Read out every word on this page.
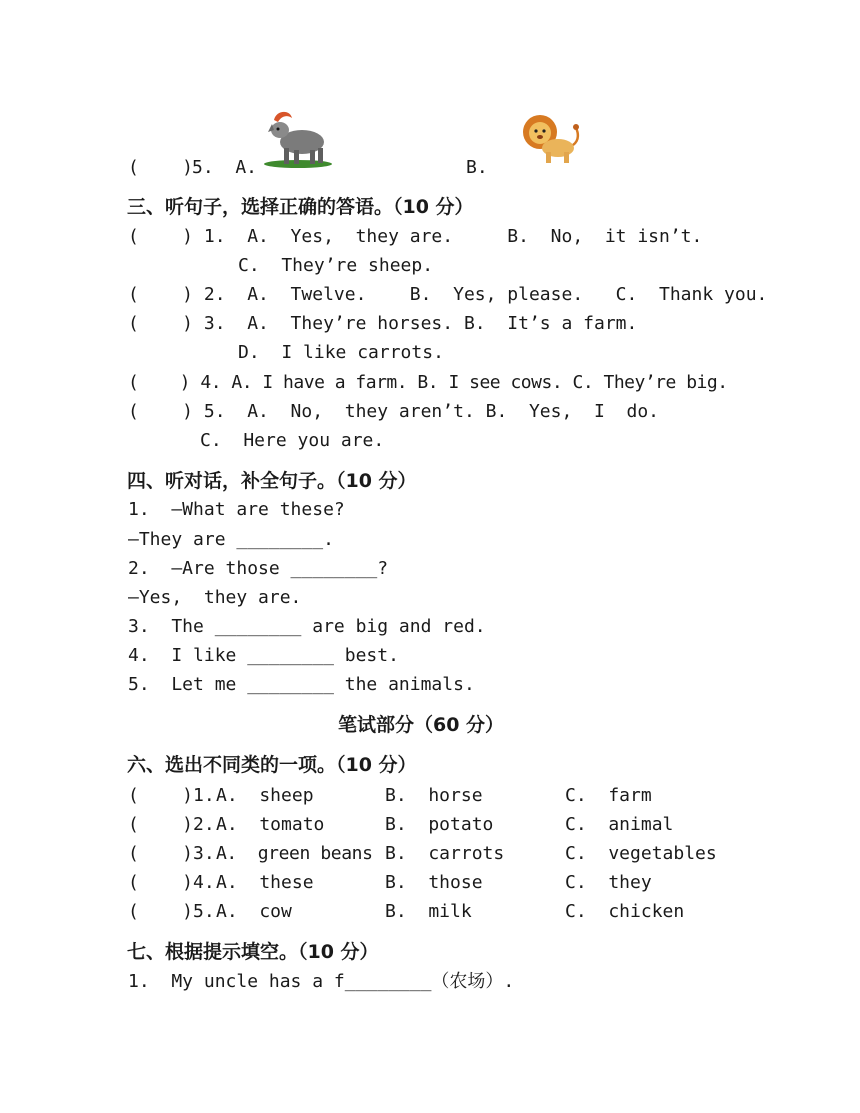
(    )
5.  A.	B.
三、听句子，选择正确的答语。（10 分）
(    ) 1.  A.  Yes,  they are.     B.  No,  it isn’t.
C.  They’re sheep.
(    ) 2.  A.  Twelve.    B.  Yes, please.   C.  Thank you.
(    ) 3.  A.  They’re horses. B.  It’s a farm.
D.  I like carrots.
(    ) 4. A. I have a farm. B. I see cows. C. They’re big.
(    ) 5.  A.  No,  they aren’t. B.  Yes,  I  do.
C.  Here you are.
四、听对话，补全句子。（10 分）
1.  —What are these?
—They are ________.
2.  —Are those ________?
—Yes,  they are.
3.  The ________ are big and red.
4.  I like ________ best.
5.  Let me ________ the animals.
笔试部分（60 分）
六、选出不同类的一项。（10 分）
(    )1. A.  sheep	B.  horse	C.  farm
(    )2. A.  tomato	B.  potato	C.  animal
(    )3. A.  green beans B.  carrots	C.  vegetables
(    )4. A.  these	B.  those	C.  they
(    )5. A.  cow	B.  milk	C.  chicken
七、根据提示填空。（10 分）
1.  My uncle has a f________（农场）.
